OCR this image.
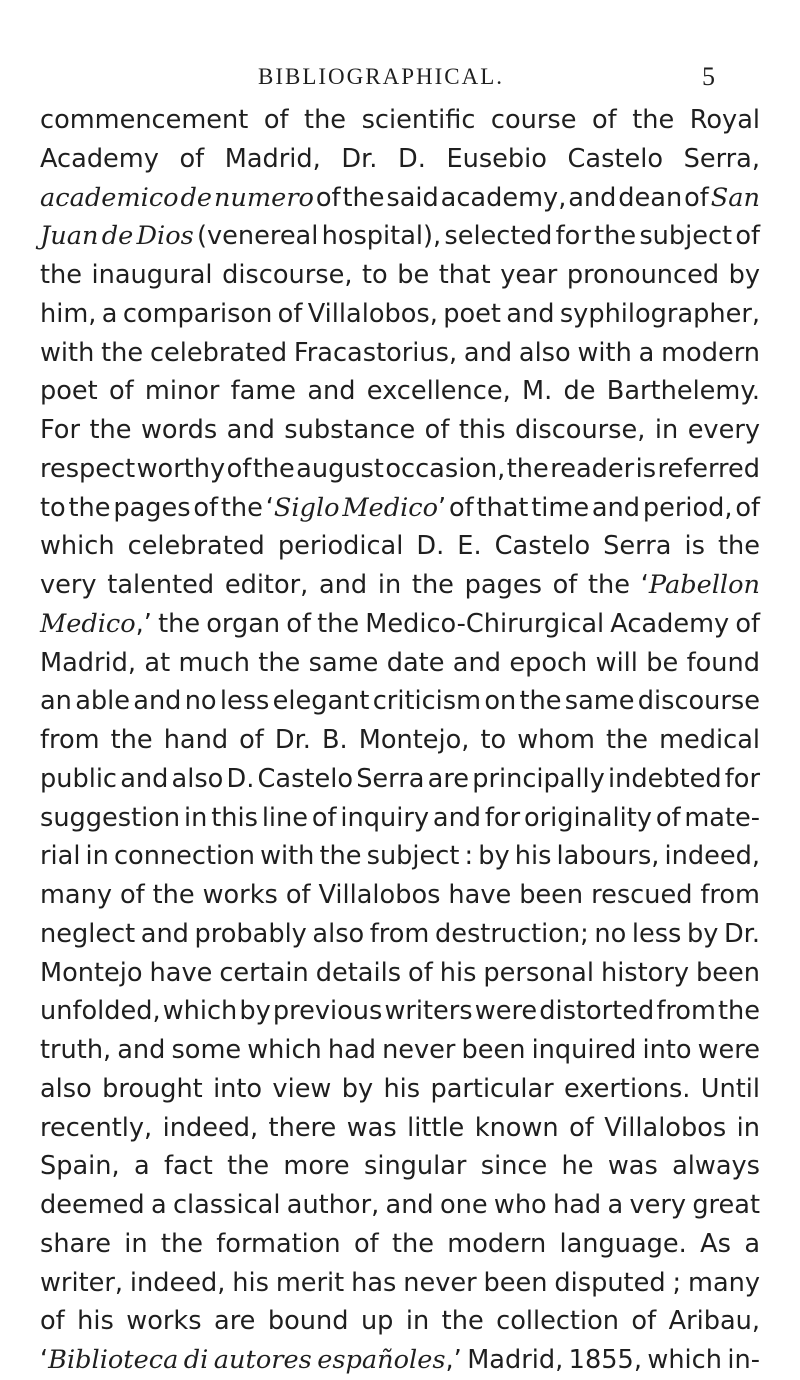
BIBLIOGRAPHICAL.	5
commencement of the scientific course of the Royal
Academy of Madrid, Dr. D. Eusebio Castelo Serra,
academico de numero of the said academy, and dean of San
Juan de Dios (venereal hospital), selected for the subject of
the inaugural discourse, to be that year pronounced by
him, a comparison of Villalobos, poet and syphilographer,
with the celebrated Fracastorius, and also with a modern
poet of minor fame and excellence, M. de Barthelemy.
For the words and substance of this discourse, in every
respect worthy of the august occasion, the reader is referred
to the pages of the ‘Siglo Medico’ of that time and period, of
which celebrated periodical D. E. Castelo Serra is the
very talented editor, and in the pages of the ‘Pabellon
Medico,’ the organ of the Medico-Chirurgical Academy of
Madrid, at much the same date and epoch will be found
an able and no less elegant criticism on the same discourse
from the hand of Dr. B. Montejo, to whom the medical
public and also D. Castelo Serra are principally indebted for
suggestion in this line of inquiry and for originality of mate-
rial in connection with the subject : by his labours, indeed,
many of the works of Villalobos have been rescued from
neglect and probably also from destruction; no less by Dr.
Montejo have certain details of his personal history been
unfolded, which by previous writers were distorted from the
truth, and some which had never been inquired into were
also brought into view by his particular exertions. Until
recently, indeed, there was little known of Villalobos in
Spain, a fact the more singular since he was always
deemed a classical author, and one who had a very great
share in the formation of the modern language. As a
writer, indeed, his merit has never been disputed ; many
of his works are bound up in the collection of Aribau,
‘Biblioteca di autores españoles,’ Madrid, 1855, which in-
